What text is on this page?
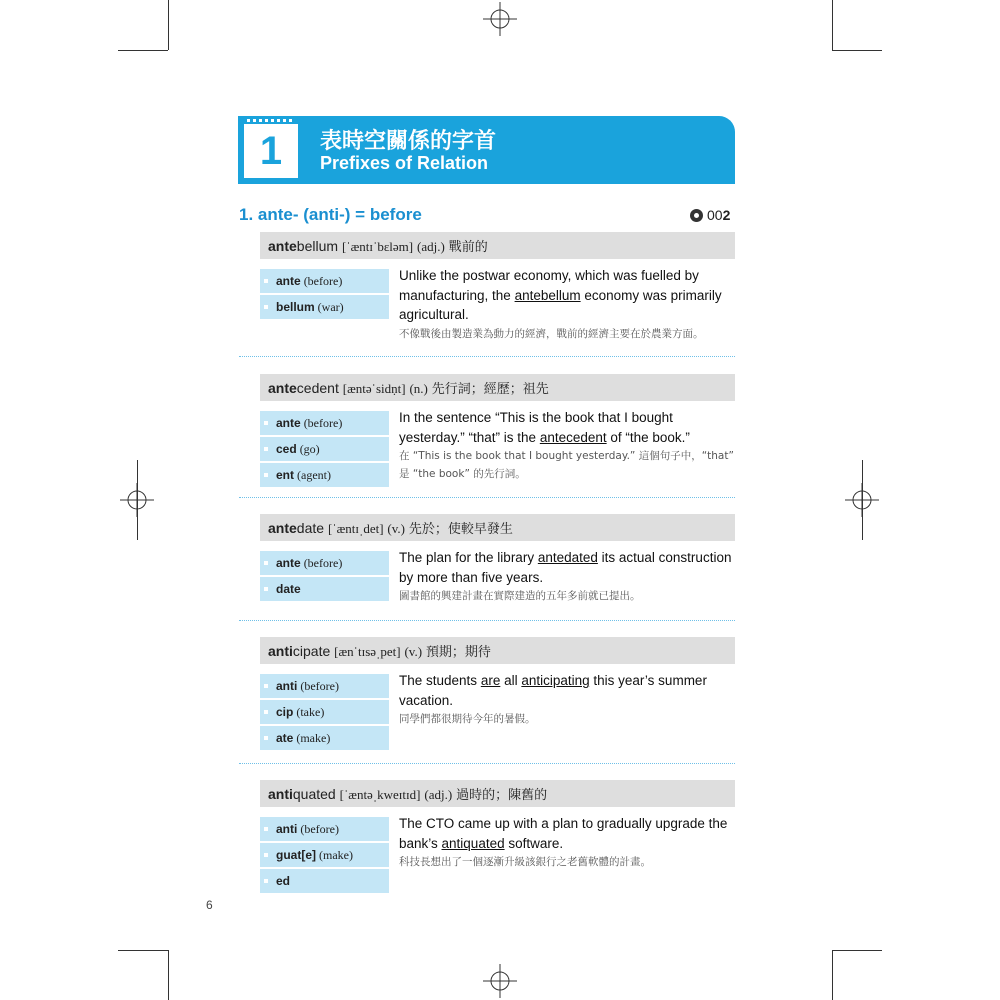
1	表時空關係的字首
Prefixes of Relation
1. ante- (anti-) = before	002
antebellum [ˈæntɪˈbɛləm] (adj.) 戰前的
ante (before)
bellum (war)
Unlike the postwar economy, which was fuelled by manufacturing, the antebellum economy was primarily agricultural.
不像戰後由製造業為動力的經濟，戰前的經濟主要在於農業方面。
antecedent [æntəˈsidṇt] (n.) 先行詞；經歷；祖先
ante (before)
ced (go)
ent (agent)
In the sentence “This is the book that I bought yesterday.” “that” is the antecedent of “the book.”
在 “This is the book that I bought yesterday.” 這個句子中，“that” 是 “the book” 的先行詞。
antedate [ˈæntɪˌdet] (v.) 先於；使較早發生
ante (before)
date
The plan for the library antedated its actual construction by more than five years.
圖書館的興建計畫在實際建造的五年多前就已提出。
anticipate [ænˈtɪsəˌpet] (v.) 預期；期待
anti (before)
cip (take)
ate (make)
The students are all anticipating this year’s summer vacation.
同學們都很期待今年的暑假。
antiquated [ˈæntəˌkweɪtɪd] (adj.) 過時的；陳舊的
anti (before)
guat[e] (make)
ed
The CTO came up with a plan to gradually upgrade the bank’s antiquated software.
科技長想出了一個逐漸升級該銀行之老舊軟體的計畫。
6
